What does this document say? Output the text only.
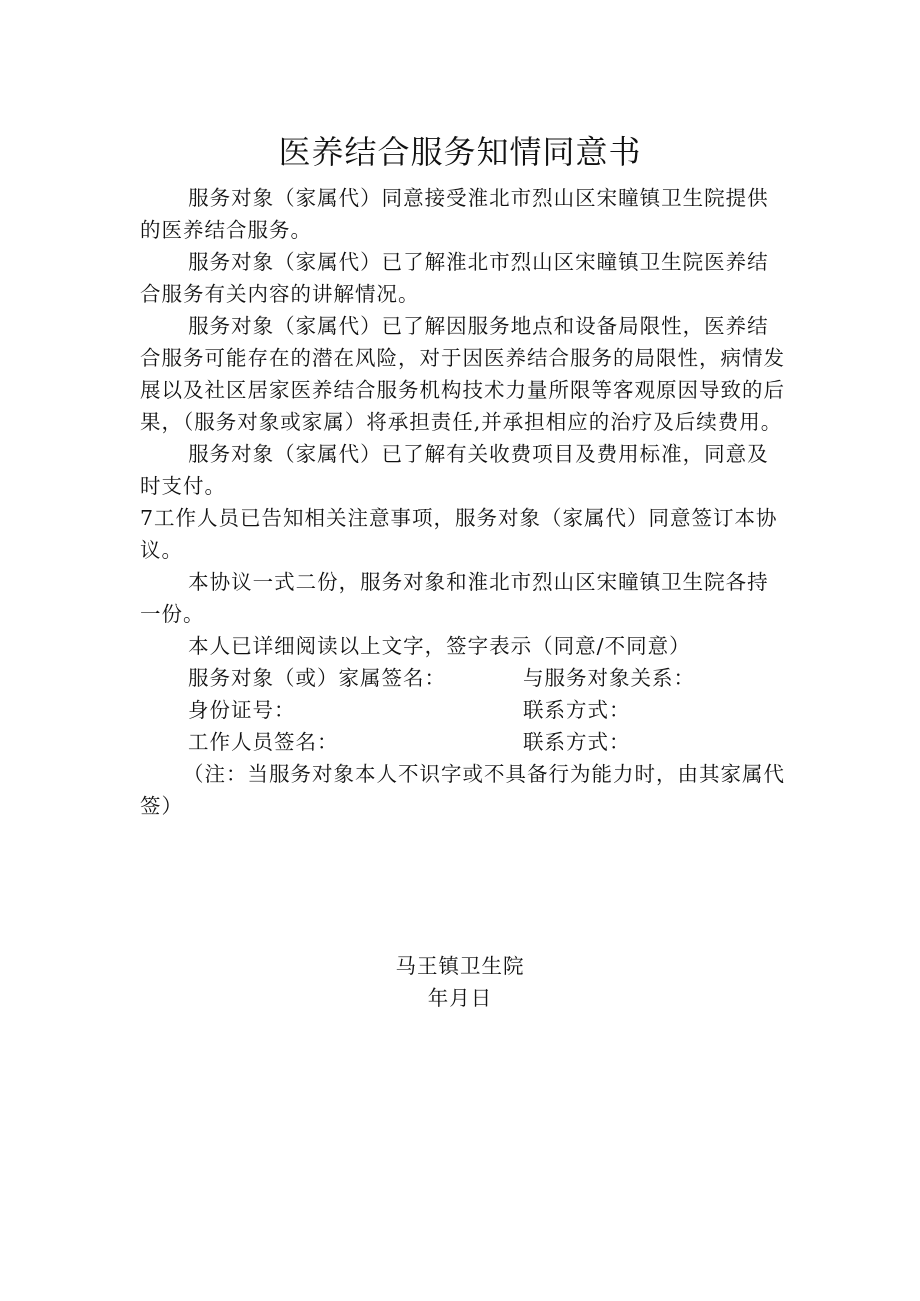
医养结合服务知情同意书

服务对象（家属代）同意接受淮北市烈山区宋瞳镇卫生院提供的医养结合服务。

服务对象（家属代）已了解淮北市烈山区宋瞳镇卫生院医养结合服务有关内容的讲解情况。

服务对象（家属代）已了解因服务地点和设备局限性，医养结合服务可能存在的潜在风险，对于因医养结合服务的局限性，病情发展以及社区居家医养结合服务机构技术力量所限等客观原因导致的后果，（服务对象或家属）将承担责任,并承担相应的治疗及后续费用。

服务对象（家属代）已了解有关收费项目及费用标准，同意及时支付。

7工作人员已告知相关注意事项，服务对象（家属代）同意签订本协议。

本协议一式二份，服务对象和淮北市烈山区宋瞳镇卫生院各持一份。

本人已详细阅读以上文字，签字表示（同意/不同意）

服务对象（或）家属签名：	与服务对象关系：
身份证号：	联系方式：
工作人员签名：	联系方式：

（注：当服务对象本人不识字或不具备行为能力时，由其家属代签）

马王镇卫生院
年月日
